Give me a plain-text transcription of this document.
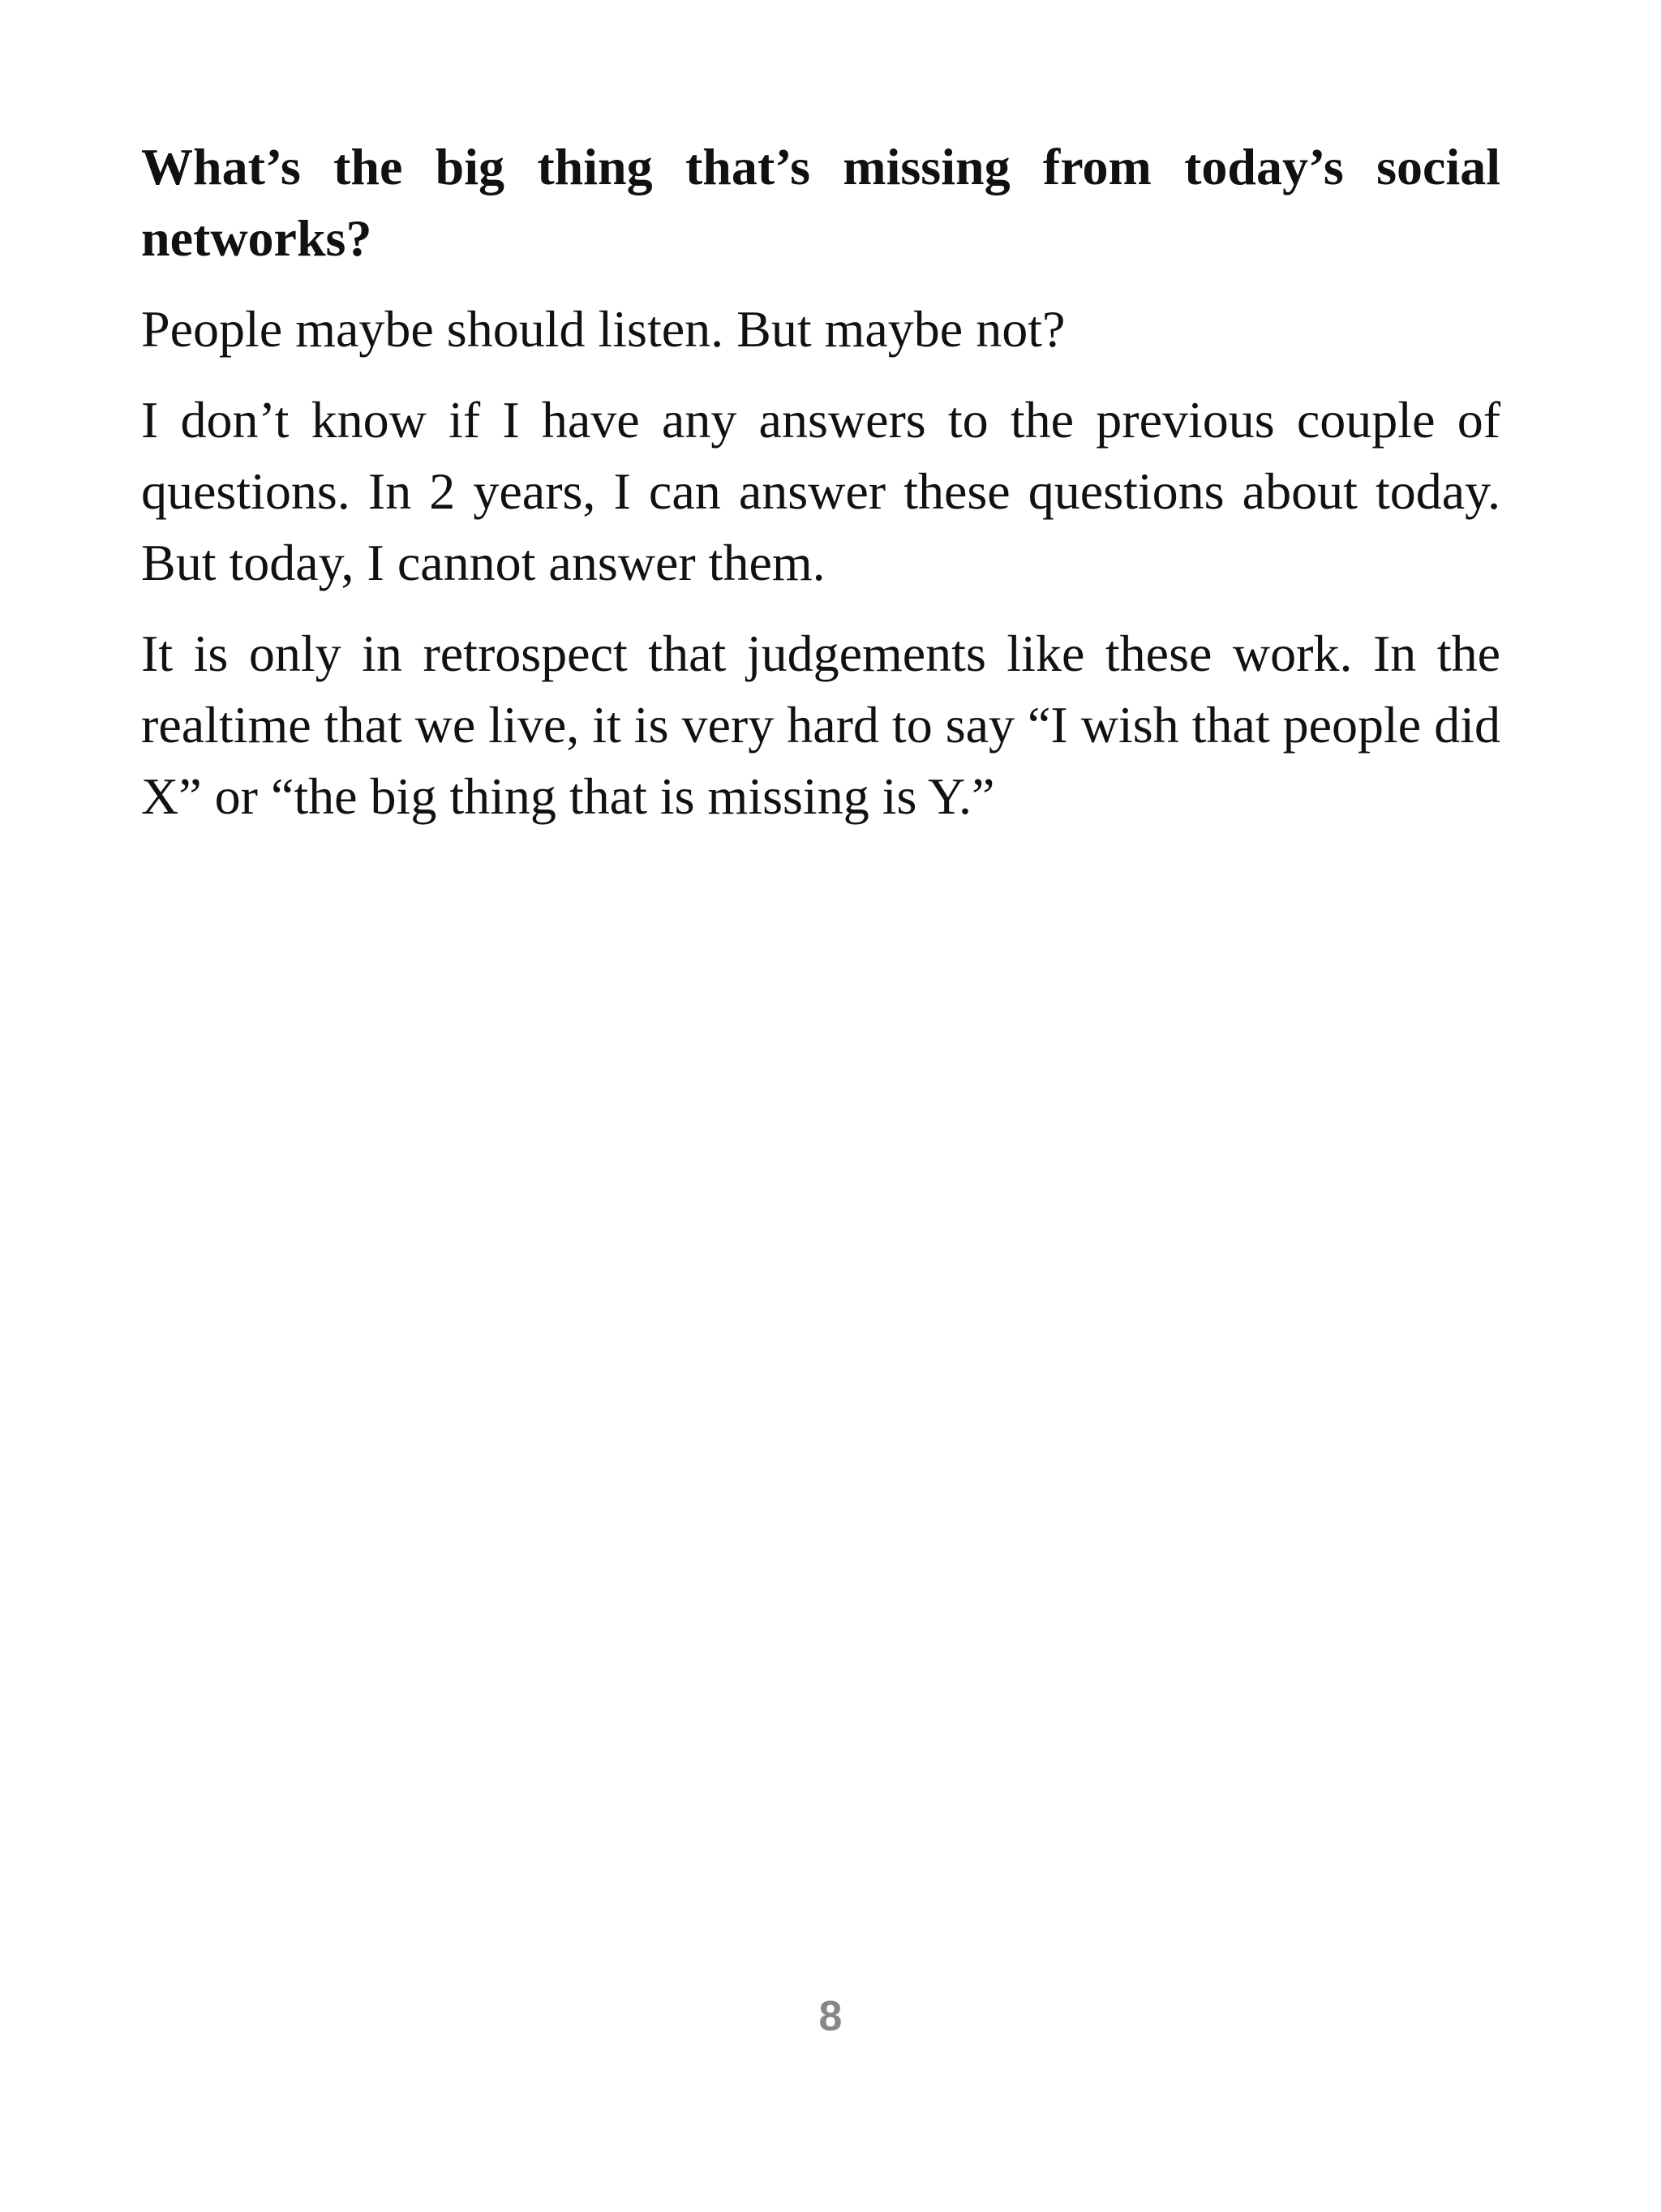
What’s the big thing that’s missing from today’s social networks?

People maybe should listen. But maybe not?

I don’t know if I have any answers to the previous couple of questions. In 2 years, I can answer these questions about today. But today, I cannot answer them.

It is only in retrospect that judgements like these work. In the realtime that we live, it is very hard to say “I wish that people did X” or “the big thing that is missing is Y.”

8
